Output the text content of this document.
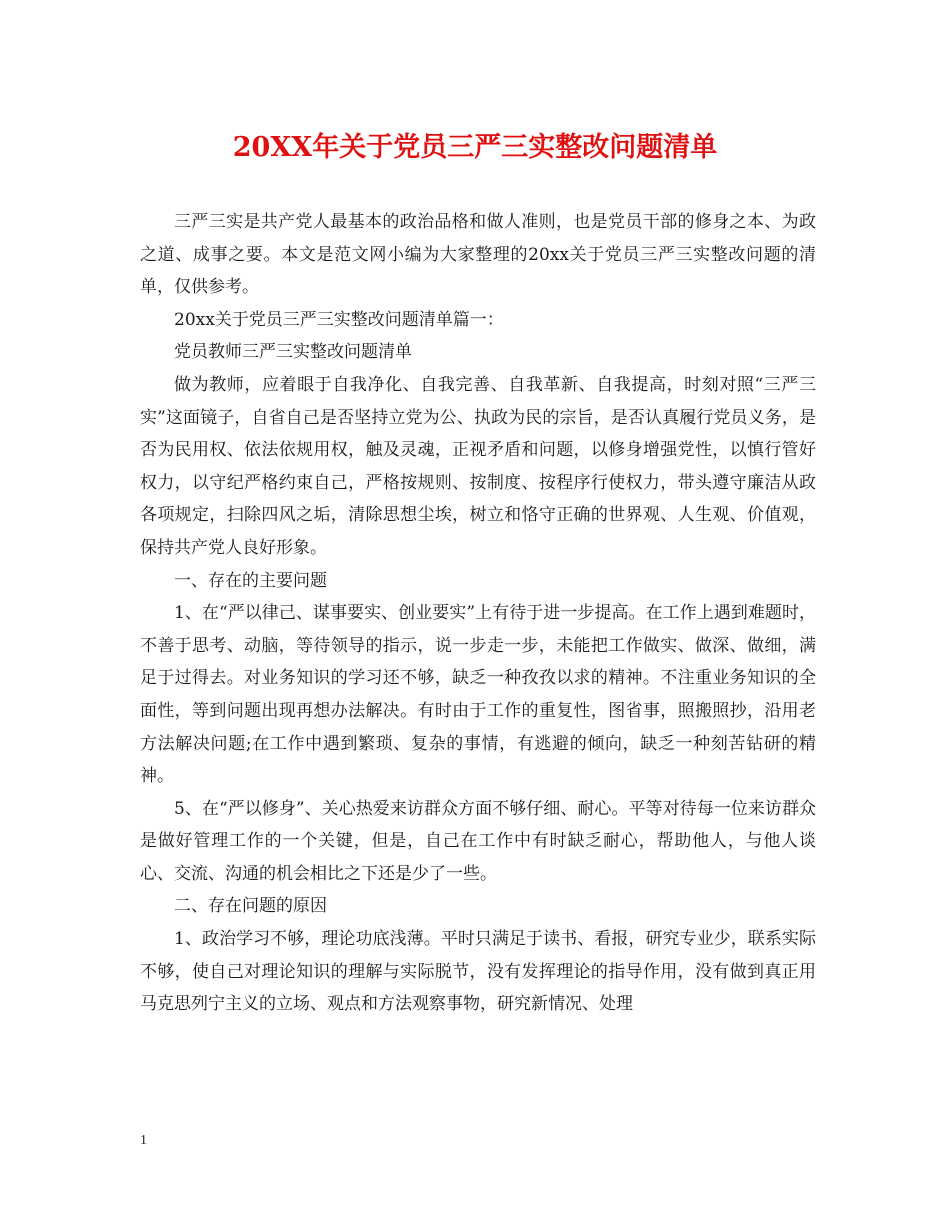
20XX年关于党员三严三实整改问题清单

三严三实是共产党人最基本的政治品格和做人准则，也是党员干部的修身之本、为政之道、成事之要。本文是范文网小编为大家整理的20xx关于党员三严三实整改问题的清单，仅供参考。

20xx关于党员三严三实整改问题清单篇一：

党员教师三严三实整改问题清单

做为教师，应着眼于自我净化、自我完善、自我革新、自我提高，时刻对照“三严三实”这面镜子，自省自己是否坚持立党为公、执政为民的宗旨，是否认真履行党员义务，是否为民用权、依法依规用权，触及灵魂，正视矛盾和问题，以修身增强党性，以慎行管好权力，以守纪严格约束自己，严格按规则、按制度、按程序行使权力，带头遵守廉洁从政各项规定，扫除四风之垢，清除思想尘埃，树立和恪守正确的世界观、人生观、价值观，保持共产党人良好形象。

一、存在的主要问题

1、在“严以律己、谋事要实、创业要实”上有待于进一步提高。在工作上遇到难题时，不善于思考、动脑，等待领导的指示，说一步走一步，未能把工作做实、做深、做细，满足于过得去。对业务知识的学习还不够，缺乏一种孜孜以求的精神。不注重业务知识的全面性，等到问题出现再想办法解决。有时由于工作的重复性，图省事，照搬照抄，沿用老方法解决问题;在工作中遇到繁琐、复杂的事情，有逃避的倾向，缺乏一种刻苦钻研的精神。

5、在“严以修身”、关心热爱来访群众方面不够仔细、耐心。平等对待每一位来访群众是做好管理工作的一个关键，但是，自己在工作中有时缺乏耐心，帮助他人，与他人谈心、交流、沟通的机会相比之下还是少了一些。

二、存在问题的原因

1、政治学习不够，理论功底浅薄。平时只满足于读书、看报，研究专业少，联系实际不够，使自己对理论知识的理解与实际脱节，没有发挥理论的指导作用，没有做到真正用马克思列宁主义的立场、观点和方法观察事物，研究新情况、处理

1
